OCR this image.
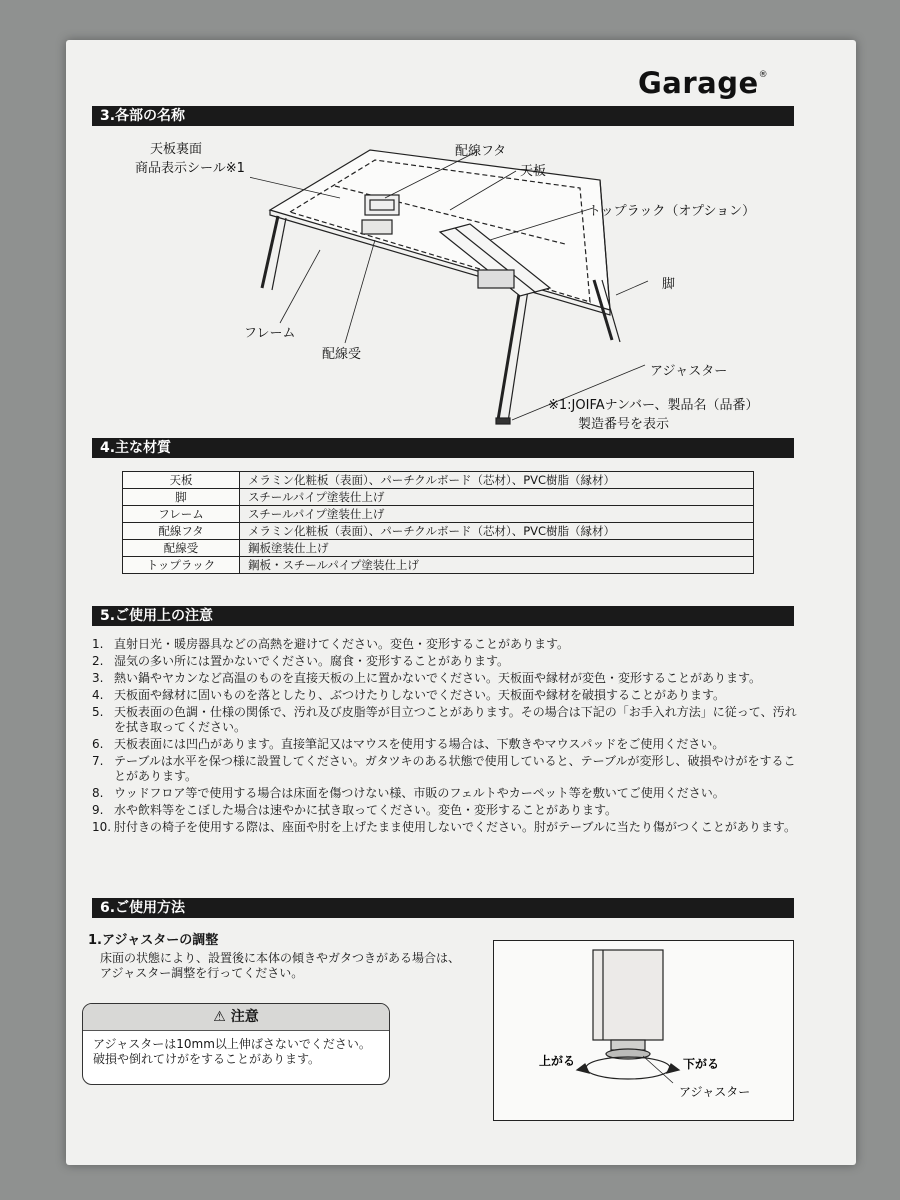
Garage®
3.各部の名称
天板裏面
商品表示シール※1
配線フタ
天板
トップラック（オプション）
脚
フレーム
配線受
アジャスター
※1:JOIFAナンバー、製品名（品番）
製造番号を表示
4.主な材質
天板	メラミン化粧板（表面）、パーチクルボード（芯材）、PVC樹脂（縁材）
脚	スチールパイプ塗装仕上げ
フレーム	スチールパイプ塗装仕上げ
配線フタ	メラミン化粧板（表面）、パーチクルボード（芯材）、PVC樹脂（縁材）
配線受	鋼板塗装仕上げ
トップラック	鋼板・スチールパイプ塗装仕上げ
5.ご使用上の注意
1. 直射日光・暖房器具などの高熱を避けてください。変色・変形することがあります。
2. 湿気の多い所には置かないでください。腐食・変形することがあります。
3. 熱い鍋やヤカンなど高温のものを直接天板の上に置かないでください。天板面や縁材が変色・変形することがあります。
4. 天板面や縁材に固いものを落としたり、ぶつけたりしないでください。天板面や縁材を破損することがあります。
5. 天板表面の色調・仕様の関係で、汚れ及び皮脂等が目立つことがあります。その場合は下記の「お手入れ方法」に従って、汚れを拭き取ってください。
6. 天板表面には凹凸があります。直接筆記又はマウスを使用する場合は、下敷きやマウスパッドをご使用ください。
7. テーブルは水平を保つ様に設置してください。ガタツキのある状態で使用していると、テーブルが変形し、破損やけがをすることがあります。
8. ウッドフロア等で使用する場合は床面を傷つけない様、市販のフェルトやカーペット等を敷いてご使用ください。
9. 水や飲料等をこぼした場合は速やかに拭き取ってください。変色・変形することがあります。
10. 肘付きの椅子を使用する際は、座面や肘を上げたまま使用しないでください。肘がテーブルに当たり傷がつくことがあります。
6.ご使用方法
1.アジャスターの調整
床面の状態により、設置後に本体の傾きやガタつきがある場合は、
アジャスター調整を行ってください。
⚠ 注意
アジャスターは10mm以上伸ばさないでください。
破損や倒れてけがをすることがあります。	上がる	下がる
アジャスター
